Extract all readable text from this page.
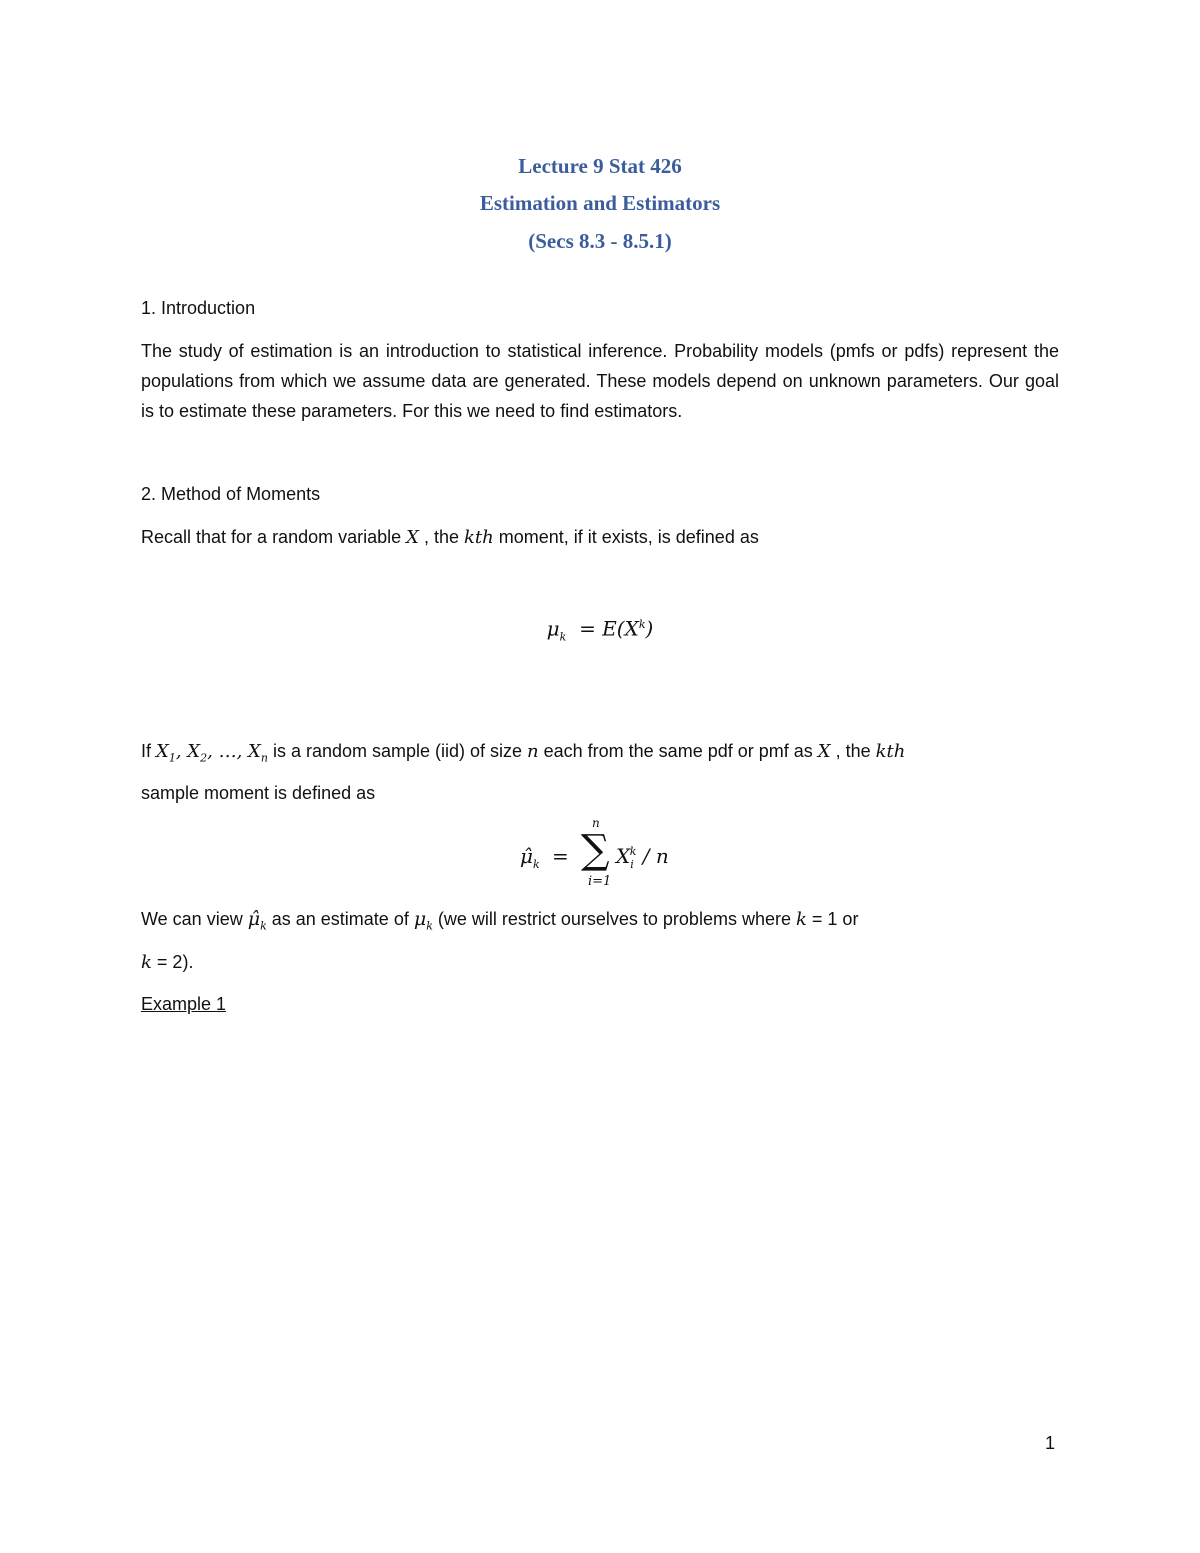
Lecture 9 Stat 426
Estimation and Estimators
(Secs 8.3 - 8.5.1)
1. Introduction
The study of estimation is an introduction to statistical inference. Probability models (pmfs or pdfs) represent the populations from which we assume data are generated. These models depend on unknown parameters. Our goal is to estimate these parameters. For this we need to find estimators.
2. Method of Moments
Recall that for a random variable X , the kth moment, if it exists, is defined as
$\mu_k = E(X^k)$
If $X_1$, $X_2$, …, $X_n$ is a random sample (iid) of size n each from the same pdf or pmf as X , the kth
sample moment is defined as
$\mû_k$ =
n
∑
i=1
$X_i^k$ / n
We can view $\mû_k$ as an estimate of $\mu_k$ (we will restrict ourselves to problems where k = 1 or
k = 2).
Example 1
1
